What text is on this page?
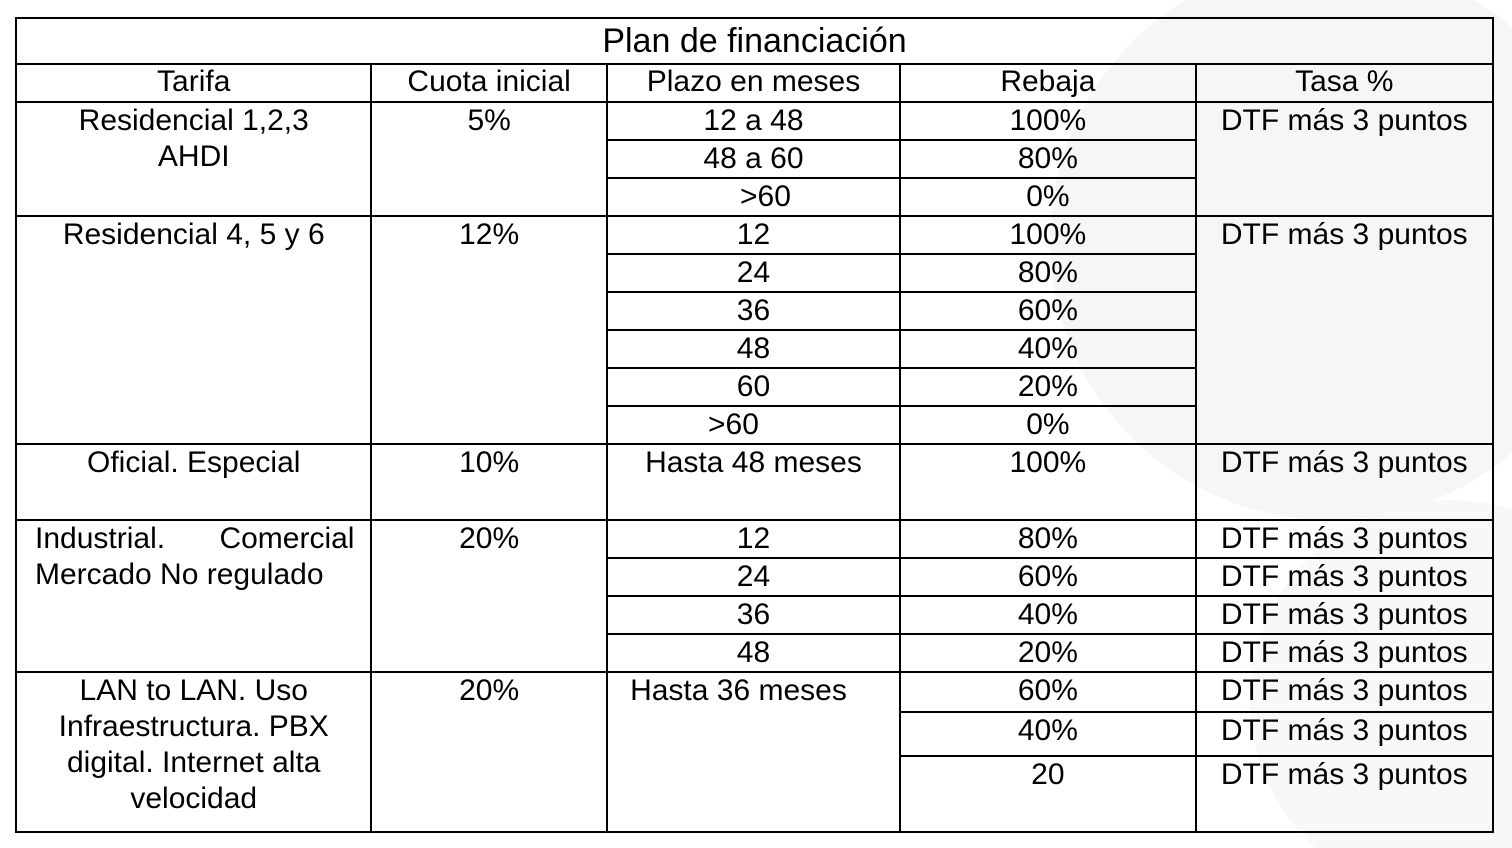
Plan de financiación				
Tarifa	Cuota inicial	Plazo en meses	Rebaja	Tasa %

Residencial 1,2,3
AHDI	5%	12 a 48	100%	DTF más 3 puntos
		48 a 60	80%	
		>60	0%	
Residencial 4, 5 y 6	12%	12	100%	DTF más 3 puntos
		24	80%	
		36	60%	
		48	40%	
		60	20%	
		>60	0%	
Oficial. Especial	10%	Hasta 48 meses	100%	DTF más 3 puntos

Industrial. Comercial
Mercado No regulado	20%	12	80%	DTF más 3 puntos
		24	60%	DTF más 3 puntos
		36	40%	DTF más 3 puntos
		48	20%	DTF más 3 puntos

LAN to LAN. Uso
Infraestructura. PBX
digital. Internet alta
velocidad	20%	Hasta 36 meses	60%	DTF más 3 puntos
			40%	DTF más 3 puntos
			20	DTF más 3 puntos
